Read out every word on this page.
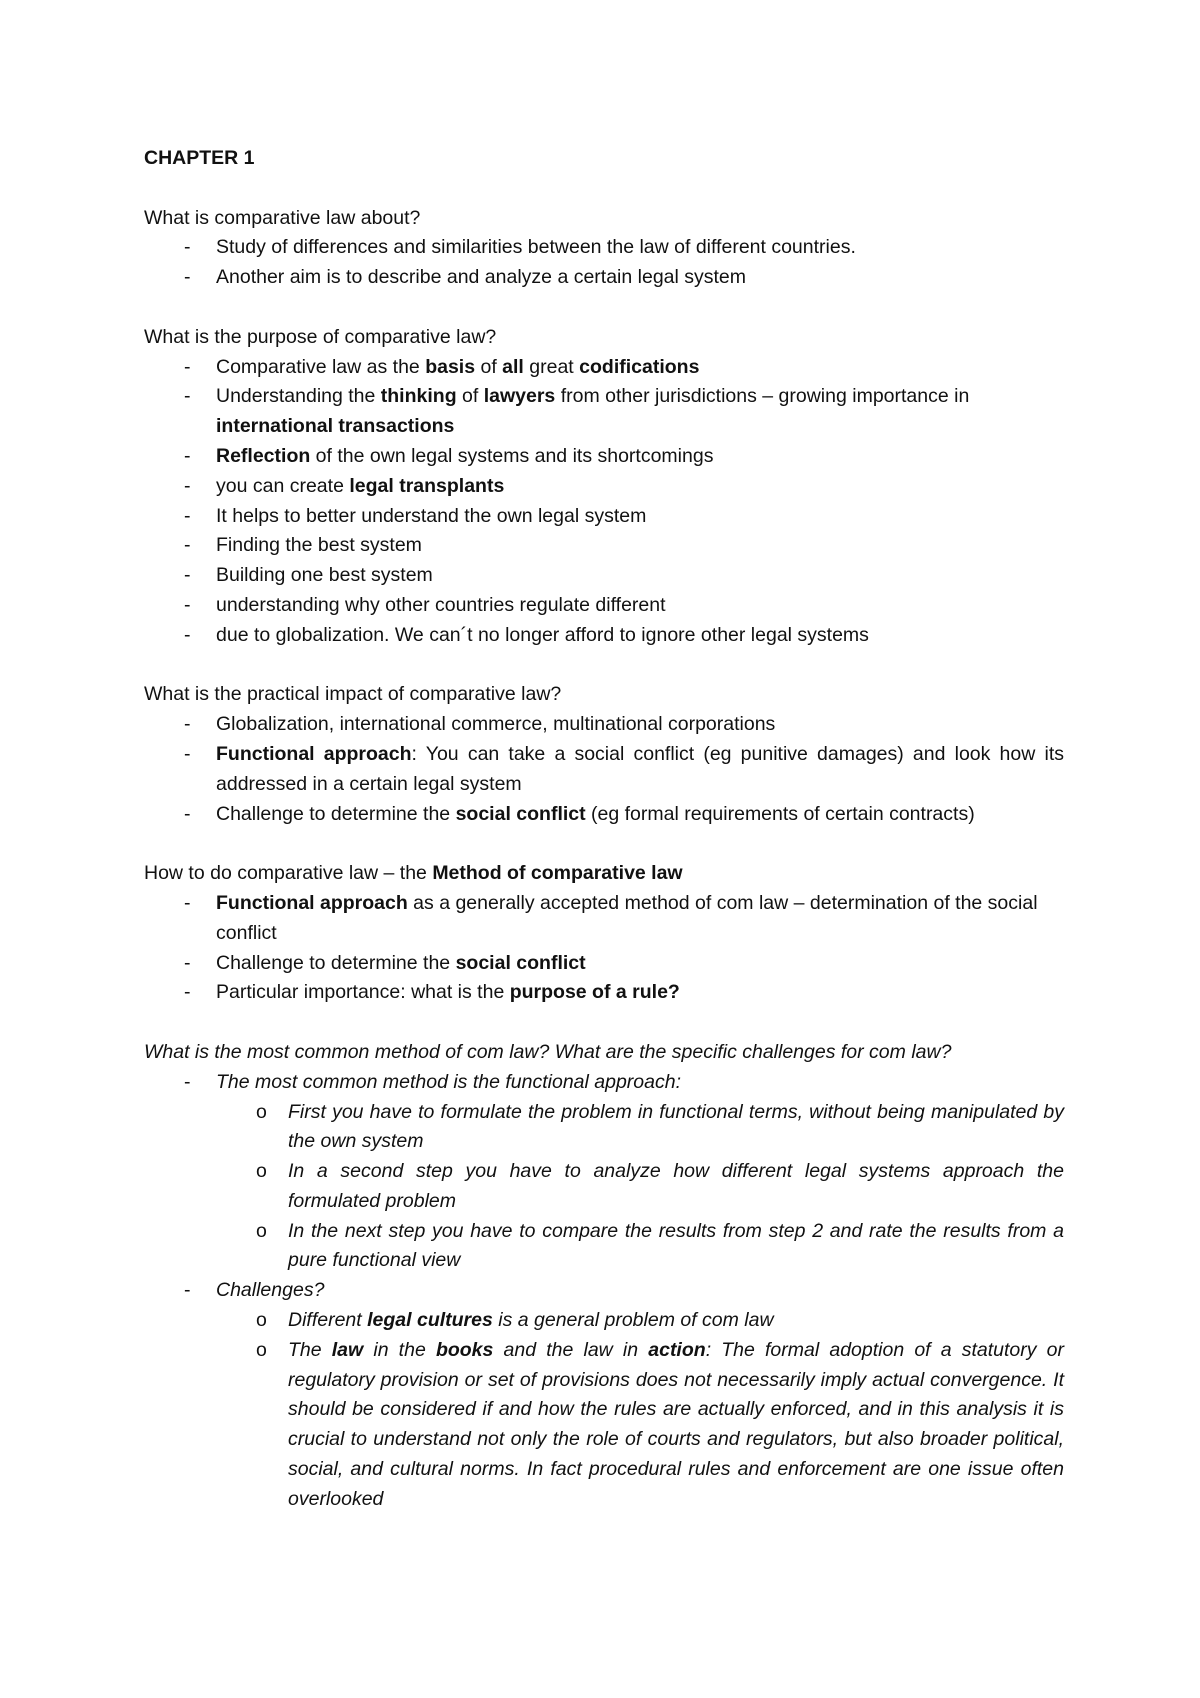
CHAPTER 1
What is comparative law about?
- Study of differences and similarities between the law of different countries.
- Another aim is to describe and analyze a certain legal system
What is the purpose of comparative law?
- Comparative law as the basis of all great codifications
- Understanding the thinking of lawyers from other jurisdictions – growing importance in international transactions
- Reflection of the own legal systems and its shortcomings
- you can create legal transplants
- It helps to better understand the own legal system
- Finding the best system
- Building one best system
- understanding why other countries regulate different
- due to globalization. We can´t no longer afford to ignore other legal systems
What is the practical impact of comparative law?
- Globalization, international commerce, multinational corporations
- Functional approach: You can take a social conflict (eg punitive damages) and look how its addressed in a certain legal system
- Challenge to determine the social conflict (eg formal requirements of certain contracts)
How to do comparative law – the Method of comparative law
- Functional approach as a generally accepted method of com law – determination of the social conflict
- Challenge to determine the social conflict
- Particular importance: what is the purpose of a rule?
What is the most common method of com law? What are the specific challenges for com law?
- The most common method is the functional approach:
o First you have to formulate the problem in functional terms, without being manipulated by the own system
o In a second step you have to analyze how different legal systems approach the formulated problem
o In the next step you have to compare the results from step 2 and rate the results from a pure functional view
- Challenges?
o Different legal cultures is a general problem of com law
o The law in the books and the law in action: The formal adoption of a statutory or regulatory provision or set of provisions does not necessarily imply actual convergence. It should be considered if and how the rules are actually enforced, and in this analysis it is crucial to understand not only the role of courts and regulators, but also broader political, social, and cultural norms. In fact procedural rules and enforcement are one issue often overlooked
